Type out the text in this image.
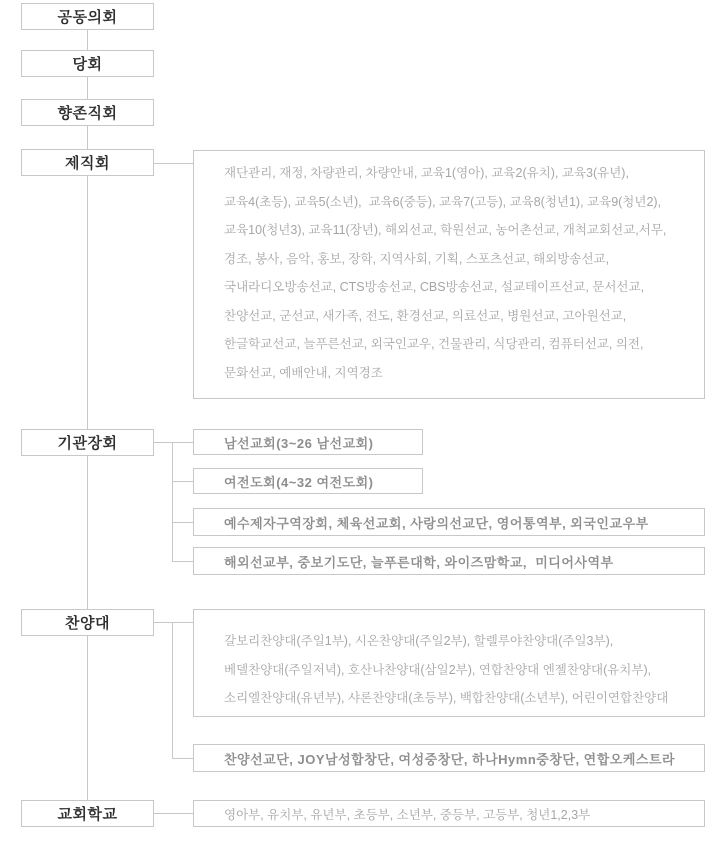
공동의회
당회
향존직회
제직회
기관장회
찬양대
교회학교
재단관리, 재정, 차량관리, 차량안내, 교육1(영아), 교육2(유치), 교육3(유년),
교육4(초등), 교육5(소년),  교육6(중등), 교육7(고등), 교육8(청년1), 교육9(청년2),
교육10(청년3), 교육11(장년), 해외선교, 학원선교, 농어촌선교, 개척교회선교,서무,
경조, 봉사, 음악, 홍보, 장학, 지역사회, 기획, 스포츠선교, 해외방송선교,
국내라디오방송선교, CTS방송선교, CBS방송선교, 설교테이프선교, 문서선교,
찬양선교, 군선교, 새가족, 전도, 환경선교, 의료선교, 병원선교, 고아원선교,
한글학교선교, 늘푸른선교, 외국인교우, 건물관리, 식당관리, 컴퓨터선교, 의전,
문화선교, 예배안내, 지역경조
남선교회(3~26 남선교회)
여전도회(4~32 여전도회)
예수제자구역장회, 체육선교회, 사랑의선교단, 영어통역부, 외국인교우부
해외선교부, 중보기도단, 늘푸른대학, 와이즈맘학교,  미디어사역부
갈보리찬양대(주일1부), 시온찬양대(주일2부), 할렐루야찬양대(주일3부),
베델찬양대(주일저녁), 호산나찬양대(삼일2부), 연합찬양대 엔젤찬양대(유치부),
소리엘찬양대(유년부), 샤론찬양대(초등부), 백합찬양대(소년부), 어린이연합찬양대
찬양선교단, JOY남성합창단, 여성중창단, 하나Hymn중창단, 연합오케스트라
영아부, 유치부, 유년부, 초등부, 소년부, 중등부, 고등부, 청년1,2,3부
